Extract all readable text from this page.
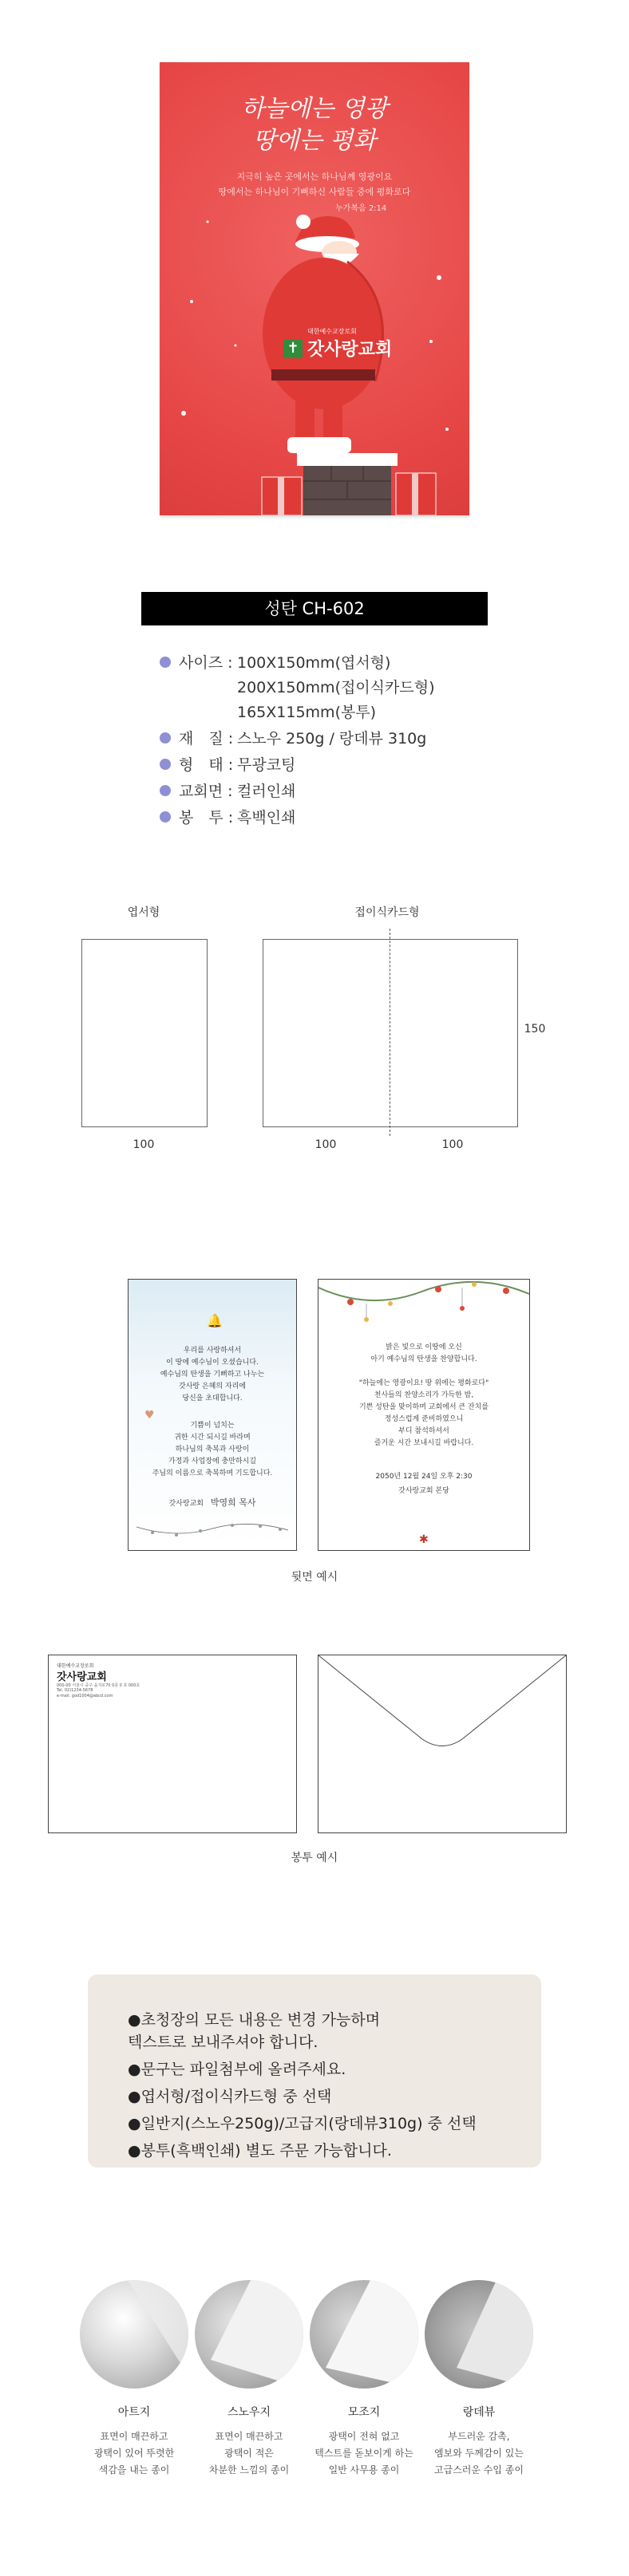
하늘에는 영광
땅에는 평화
지극히 높은 곳에서는 하나님께 영광이요
땅에서는 하나님이 기뻐하신 사람들 중에 평화로다
누가복음 2:14
대한예수교장로회
✝ 갓사랑교회
성탄 CH-602
사이즈 : 100X150mm(엽서형)
200X150mm(접이식카드형)
165X115mm(봉투)
재　질 : 스노우 250g / 랑데뷰 310g
형　태 : 무광코팅
교회면 : 컬러인쇄
봉　투 : 흑백인쇄
엽서형	접이식카드형
150
100	100	100
🔔
우리를 사랑하셔서
이 땅에 예수님이 오셨습니다.
예수님의 탄생을 기뻐하고 나누는
갓사랑 은혜의 자리에
당신을 초대합니다.
기쁨이 넘치는
귀한 시간 되시길 바라며
하나님의 축복과 사랑이
가정과 사업장에 충만하시길
주님의 이름으로 축복하며 기도합니다.
♥
갓사랑교회 박영희 목사
밝은 빛으로 이땅에 오신
아기 예수님의 탄생을 찬양합니다.
"하늘에는 영광이요! 땅 위에는 평화로다"
천사들의 찬양소리가 가득한 밤,
기쁜 성탄을 맞이하며 교회에서 큰 잔치를
정성스럽게 준비하였으니
부디 참석하셔서
즐거운 시간 보내시길 바랍니다.
2050년 12월 24일 오후 2:30
갓사랑교회 본당
✱
뒷면 예시
대한예수교장로회
갓사랑교회
000-00 서울시 중구 을지로70 0층 0 호 000호
Tel. 02)1234-5678
e-mail. god1004@abcd.com
봉투 예시
●초청장의 모든 내용은 변경 가능하며
텍스트로 보내주셔야 합니다.
●문구는 파일첨부에 올려주세요.
●엽서형/접이식카드형 중 선택
●일반지(스노우250g)/고급지(랑데뷰310g) 중 선택
●봉투(흑백인쇄) 별도 주문 가능합니다.
아트지	스노우지	모조지	랑데뷰
표면이 매끈하고
광택이 있어 뚜렷한
색감을 내는 종이
표면이 매끈하고
광택이 적은
차분한 느낌의 종이
광택이 전혀 없고
텍스트를 돋보이게 하는
일반 사무용 종이
부드러운 감촉,
엠보와 두께감이 있는
고급스러운 수입 종이
